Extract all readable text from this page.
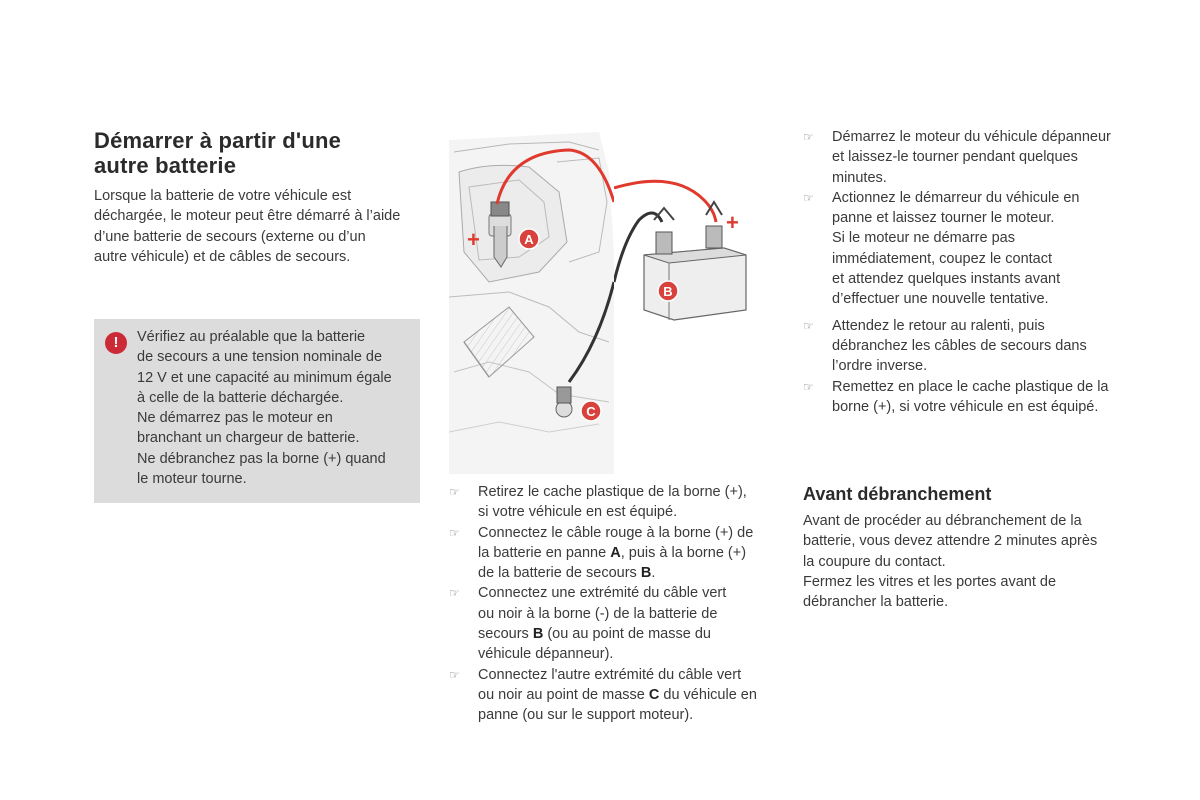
Démarrer à partir d'une
autre batterie

Lorsque la batterie de votre véhicule est
déchargée, le moteur peut être démarré à l’aide
d’une batterie de secours (externe ou d’un
autre véhicule) et de câbles de secours.

!	Vérifiez au préalable que la batterie
de secours a une tension nominale de
12 V et une capacité au minimum égale
à celle de la batterie déchargée.
Ne démarrez pas le moteur en
branchant un chargeur de batterie.
Ne débranchez pas la borne (+) quand
le moteur tourne.
+	A
C
+
B
☞ Retirez le cache plastique de la borne (+),
si votre véhicule en est équipé.
☞ Connectez le câble rouge à la borne (+) de
la batterie en panne A, puis à la borne (+)
de la batterie de secours B.
☞ Connectez une extrémité du câble vert
ou noir à la borne (-) de la batterie de
secours B (ou au point de masse du
véhicule dépanneur).
☞ Connectez l'autre extrémité du câble vert
ou noir au point de masse C du véhicule en
panne (ou sur le support moteur).
☞ Démarrez le moteur du véhicule dépanneur
et laissez-le tourner pendant quelques
minutes.
☞ Actionnez le démarreur du véhicule en
panne et laissez tourner le moteur.
Si le moteur ne démarre pas
immédiatement, coupez le contact
et attendez quelques instants avant
d’effectuer une nouvelle tentative.
☞ Attendez le retour au ralenti, puis
débranchez les câbles de secours dans
l’ordre inverse.
☞ Remettez en place le cache plastique de la
borne (+), si votre véhicule en est équipé.
Avant débranchement

Avant de procéder au débranchement de la
batterie, vous devez attendre 2 minutes après
la coupure du contact.
Fermez les vitres et les portes avant de
débrancher la batterie.
